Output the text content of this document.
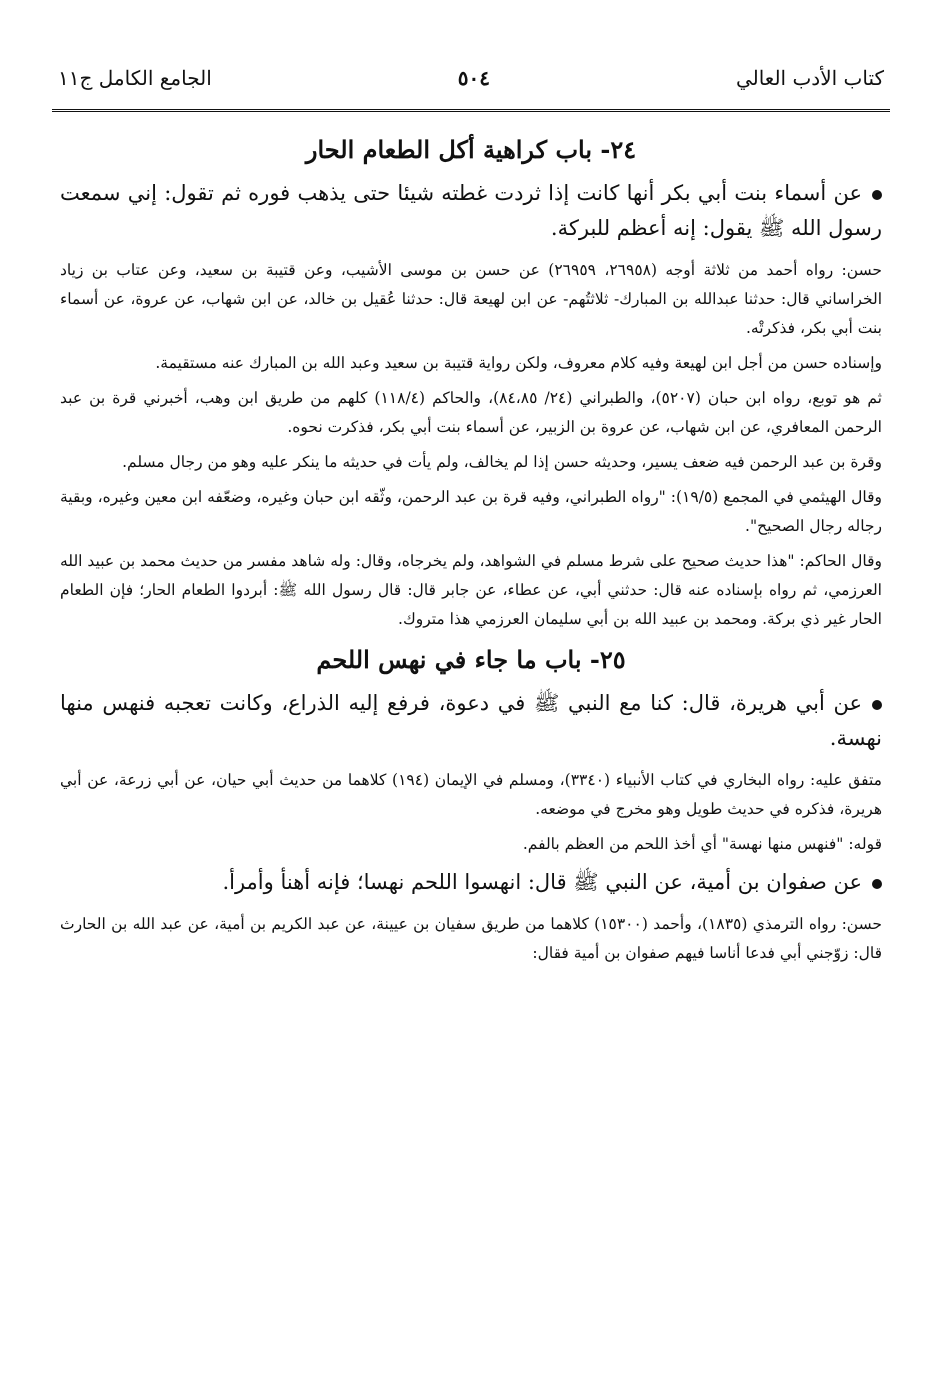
كتاب الأدب العالي
٥٠٤
الجامع الكامل ج١١
٢٤- باب كراهية أكل الطعام الحار

عن أسماء بنت أبي بكر أنها كانت إذا ثردت غطته شيئا حتى يذهب فوره ثم تقول: إني سمعت رسول الله ﷺ يقول: إنه أعظم للبركة.

حسن: رواه أحمد من ثلاثة أوجه (٢٦٩٥٨، ٢٦٩٥٩) عن حسن بن موسى الأشيب، وعن قتيبة بن سعيد، وعن عتاب بن زياد الخراساني قال: حدثنا عبدالله بن المبارك- ثلاثتُهم- عن ابن لهيعة قال: حدثنا عُقيل بن خالد، عن ابن شهاب، عن عروة، عن أسماء بنت أبي بكر، فذكرتْه.

وإسناده حسن من أجل ابن لهيعة وفيه كلام معروف، ولكن رواية قتيبة بن سعيد وعبد الله بن المبارك عنه مستقيمة.

ثم هو توبع، رواه ابن حبان (٥٢٠٧)، والطبراني (٢٤/ ٨٤،٨٥)، والحاكم (١١٨/٤) كلهم من طريق ابن وهب، أخبرني قرة بن عبد الرحمن المعافري، عن ابن شهاب، عن عروة بن الزبير، عن أسماء بنت أبي بكر، فذكرت نحوه.

وقرة بن عبد الرحمن فيه ضعف يسير، وحديثه حسن إذا لم يخالف، ولم يأت في حديثه ما ينكر عليه وهو من رجال مسلم.

وقال الهيثمي في المجمع (١٩/٥): "رواه الطبراني، وفيه قرة بن عبد الرحمن، وثّقه ابن حبان وغيره، وضعّفه ابن معين وغيره، وبقية رجاله رجال الصحيح".

وقال الحاكم: "هذا حديث صحيح على شرط مسلم في الشواهد، ولم يخرجاه، وقال: وله شاهد مفسر من حديث محمد بن عبيد الله العرزمي، ثم رواه بإسناده عنه قال: حدثني أبي، عن عطاء، عن جابر قال: قال رسول الله ﷺ: أبردوا الطعام الحار؛ فإن الطعام الحار غير ذي بركة. ومحمد بن عبيد الله بن أبي سليمان العرزمي هذا متروك.

٢٥- باب ما جاء في نهس اللحم

عن أبي هريرة، قال: كنا مع النبي ﷺ في دعوة، فرفع إليه الذراع، وكانت تعجبه فنهس منها نهسة.

متفق عليه: رواه البخاري في كتاب الأنبياء (٣٣٤٠)، ومسلم في الإيمان (١٩٤) كلاهما من حديث أبي حيان، عن أبي زرعة، عن أبي هريرة، فذكره في حديث طويل وهو مخرج في موضعه.

قوله: "فنهس منها نهسة" أي أخذ اللحم من العظم بالفم.

عن صفوان بن أمية، عن النبي ﷺ قال: انهسوا اللحم نهسا؛ فإنه أهنأ وأمرأ.

حسن: رواه الترمذي (١٨٣٥)، وأحمد (١٥٣٠٠) كلاهما من طريق سفيان بن عيينة، عن عبد الكريم بن أمية، عن عبد الله بن الحارث قال: زوّجني أبي فدعا أناسا فيهم صفوان بن أمية فقال:
